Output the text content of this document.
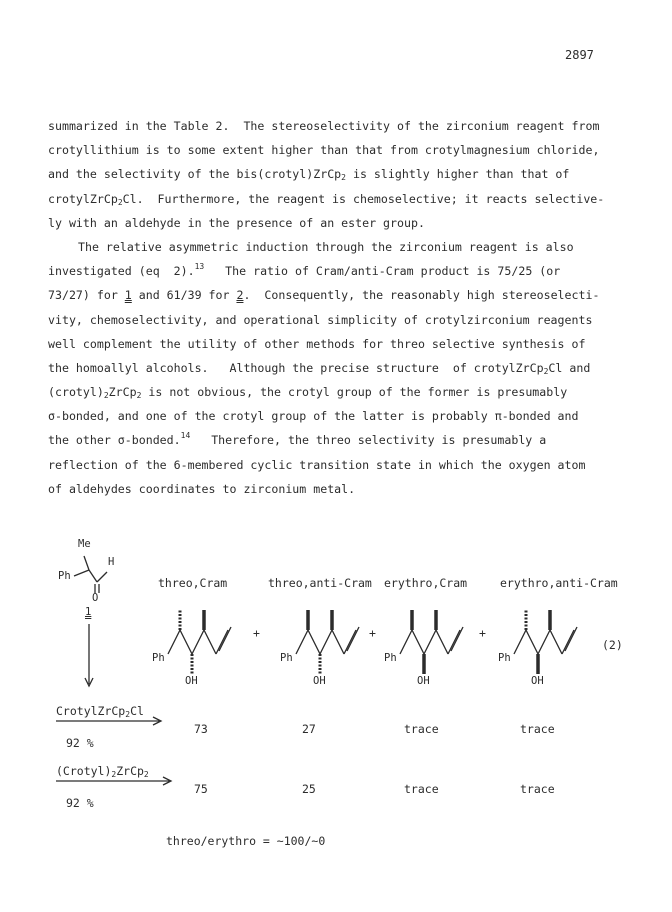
2897
summarized in the Table 2.  The stereoselectivity of the zirconium reagent from
crotyllithium is to some extent higher than that from crotylmagnesium chloride,
and the selectivity of the bis(crotyl)ZrCp$_2$ is slightly higher than that of
crotylZrCp$_2$Cl.  Furthermore, the reagent is chemoselective; it reacts selective-
ly with an aldehyde in the presence of an ester group.
The relative asymmetric induction through the zirconium reagent is also
investigated (eq  2).$^{13}$   The ratio of Cram/anti-Cram product is 75/25 (or
73/27) for 1 and 61/39 for 2.  Consequently, the reasonably high stereoselecti-
vity, chemoselectivity, and operational simplicity of crotylzirconium reagents
well complement the utility of other methods for threo selective synthesis of
the homoallyl alcohols.   Although the precise structure  of crotylZrCp$_2$Cl and
$(crotyl)_2ZrCp_2$ is not obvious, the crotyl group of the former is presumably
σ-bonded, and one of the crotyl group of the latter is probably π-bonded and
the other σ-bonded.$^{14}$   Therefore, the threo selectivity is presumably a
reflection of the 6-membered cyclic transition state in which the oxygen atom
of aldehydes coordinates to zirconium metal.
Me
H
Ph
O
1
threo,Cram	threo,anti-Cram erythro,Cram	erythro,anti-Cram
+	+	+
(2)
Ph
OH
Ph
OH
Ph
OH
Ph
OH
CrotylZrCp$_2$Cl
92 %
73	27	trace	trace
$(Crotyl)_2ZrCp_2$
92 %
75	25	trace	trace
threo/erythro = ~100/~0
